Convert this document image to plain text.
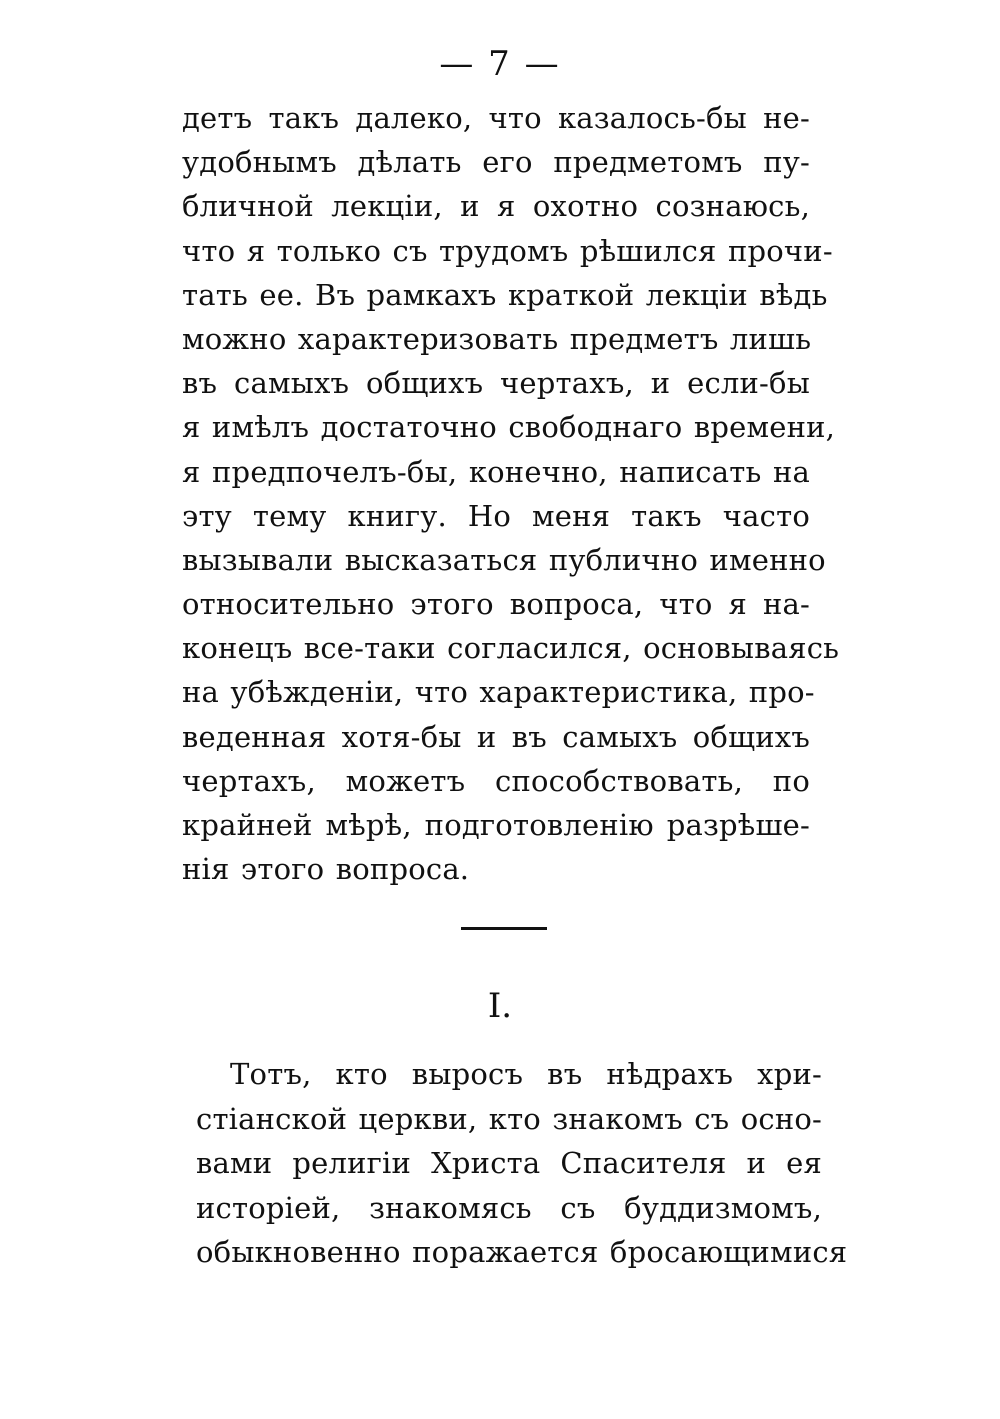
— 7 —
детъ такъ далеко, что казалось-бы не-
удобнымъ дѣлать его предметомъ пу-
бличной лекціи, и я охотно сознаюсь,
что я только съ трудомъ рѣшился прочи-
тать ее. Въ рамкахъ краткой лекціи вѣдь
можно характеризовать предметъ лишь
въ самыхъ общихъ чертахъ, и если-бы
я имѣлъ достаточно свободнаго времени,
я предпочелъ-бы, конечно, написать на
эту тему книгу. Но меня такъ часто
вызывали высказаться публично именно
относительно этого вопроса, что я на-
конецъ все-таки согласился, основываясь
на убѣжденіи, что характеристика, про-
веденная хотя-бы и въ самыхъ общихъ
чертахъ, можетъ способствовать, по
крайней мѣрѣ, подготовленію разрѣше-
нія этого вопроса.
I.
Тотъ, кто выросъ въ нѣдрахъ хри-
стіанской церкви, кто знакомъ съ осно-
вами религіи Христа Спасителя и ея
исторіей, знакомясь съ буддизмомъ,
обыкновенно поражается бросающимися
